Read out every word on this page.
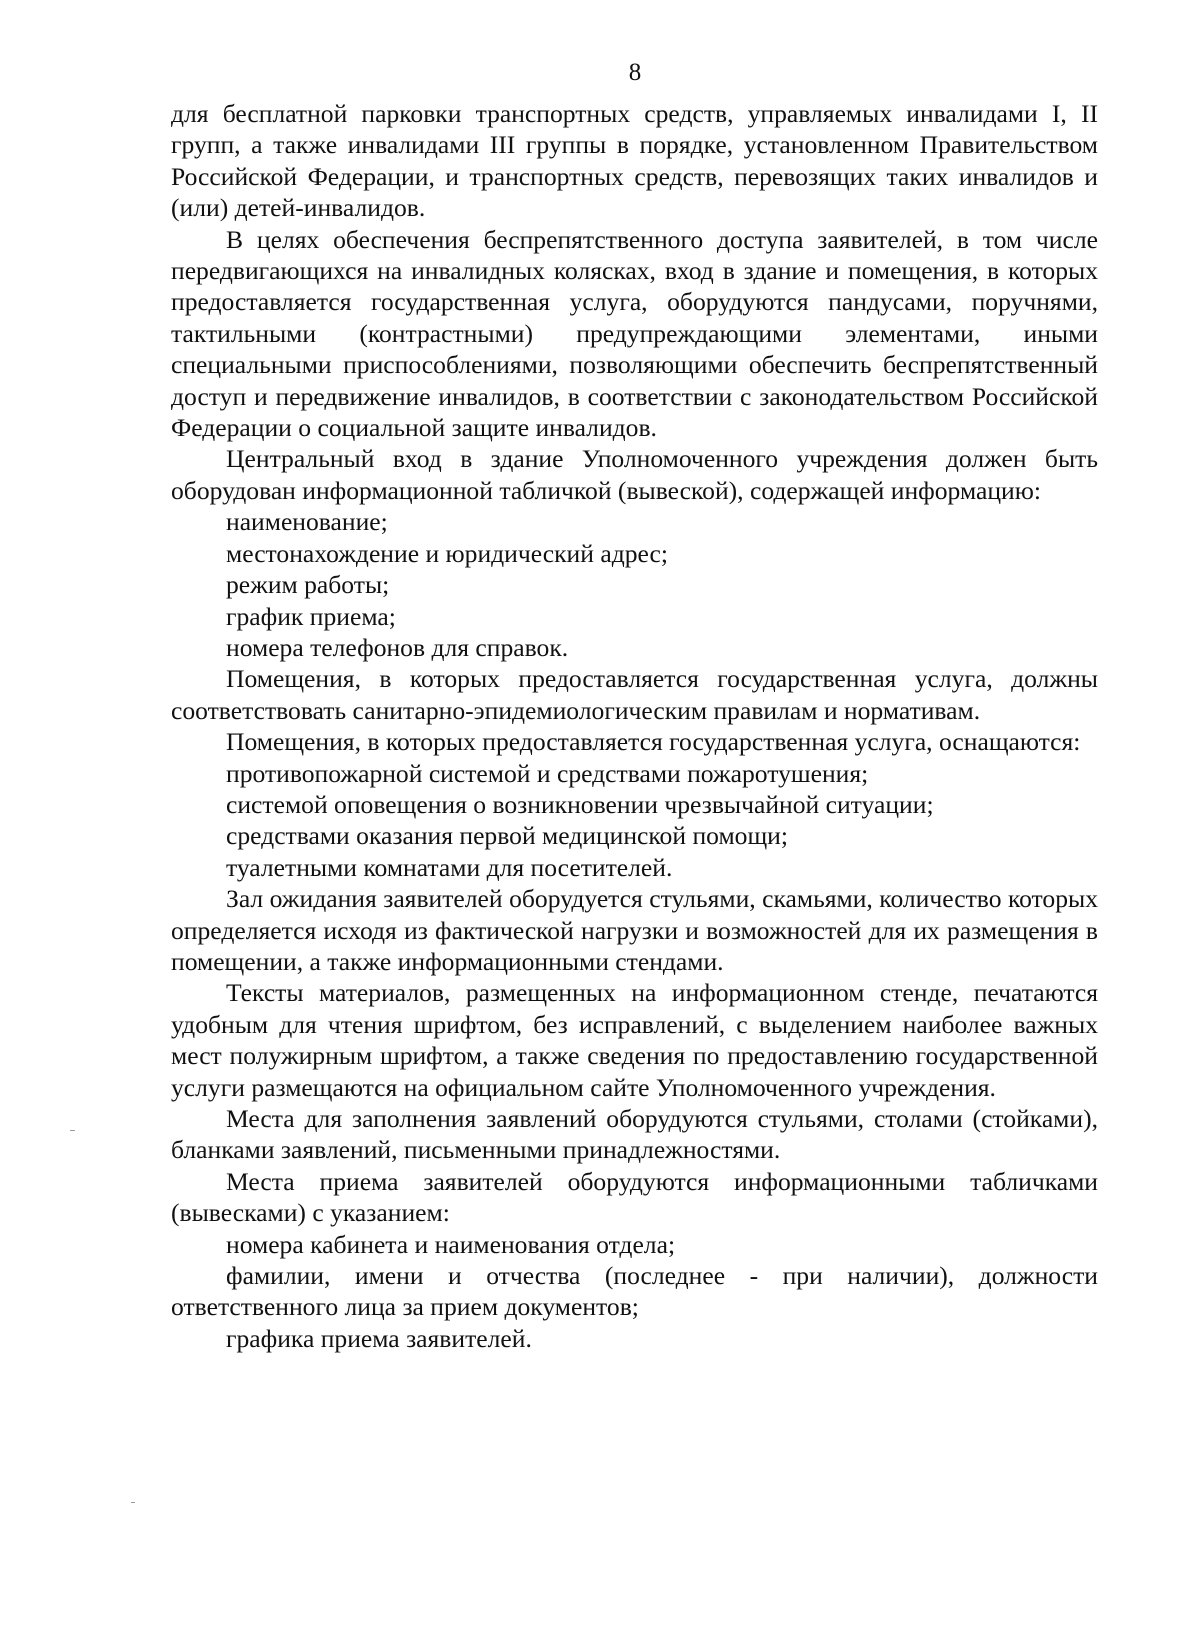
8

для бесплатной парковки транспортных средств, управляемых инвалидами I, II групп, а также инвалидами III группы в порядке, установленном Правительством Российской Федерации, и транспортных средств, перевозящих таких инвалидов и (или) детей-инвалидов.

В целях обеспечения беспрепятственного доступа заявителей, в том числе передвигающихся на инвалидных колясках, вход в здание и помещения, в которых предоставляется государственная услуга, оборудуются пандусами, поручнями, тактильными (контрастными) предупреждающими элементами, иными специальными приспособлениями, позволяющими обеспечить беспрепятственный доступ и передвижение инвалидов, в соответствии с законодательством Российской Федерации о социальной защите инвалидов.

Центральный вход в здание Уполномоченного учреждения должен быть оборудован информационной табличкой (вывеской), содержащей информацию:

наименование;

местонахождение и юридический адрес;

режим работы;

график приема;

номера телефонов для справок.

Помещения, в которых предоставляется государственная услуга, должны соответствовать санитарно-эпидемиологическим правилам и нормативам.

Помещения, в которых предоставляется государственная услуга, оснащаются:

противопожарной системой и средствами пожаротушения;

системой оповещения о возникновении чрезвычайной ситуации;

средствами оказания первой медицинской помощи;

туалетными комнатами для посетителей.

Зал ожидания заявителей оборудуется стульями, скамьями, количество которых определяется исходя из фактической нагрузки и возможностей для их размещения в помещении, а также информационными стендами.

Тексты материалов, размещенных на информационном стенде, печатаются удобным для чтения шрифтом, без исправлений, с выделением наиболее важных мест полужирным шрифтом, а также сведения по предоставлению государственной услуги размещаются на официальном сайте Уполномоченного учреждения.

Места для заполнения заявлений оборудуются стульями, столами (стойками), бланками заявлений, письменными принадлежностями.

Места приема заявителей оборудуются информационными табличками (вывесками) с указанием:

номера кабинета и наименования отдела;

фамилии, имени и отчества (последнее - при наличии), должности ответственного лица за прием документов;

графика приема заявителей.
